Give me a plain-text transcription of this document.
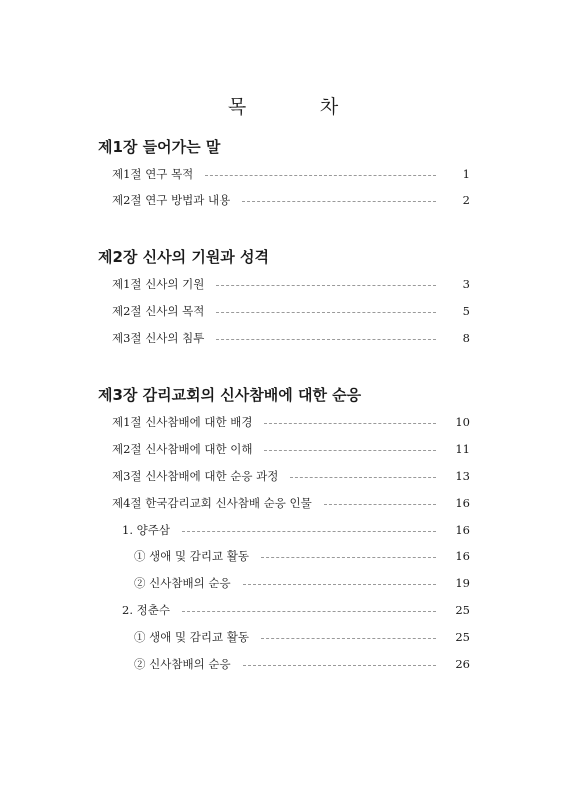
목	차
제1장 들어가는 말
제1절 연구 목적	1
제2절 연구 방법과 내용	2
제2장 신사의 기원과 성격
제1절 신사의 기원	3
제2절 신사의 목적	5
제3절 신사의 침투	8
제3장 감리교회의 신사참배에 대한 순응
제1절 신사참배에 대한 배경	10
제2절 신사참배에 대한 이해	11
제3절 신사참배에 대한 순응 과정	13
제4절 한국감리교회 신사참배 순응 인물	16
1. 양주삼	16
① 생애 및 감리교 활동	16
② 신사참배의 순응	19
2. 정춘수	25
① 생애 및 감리교 활동	25
② 신사참배의 순응	26
